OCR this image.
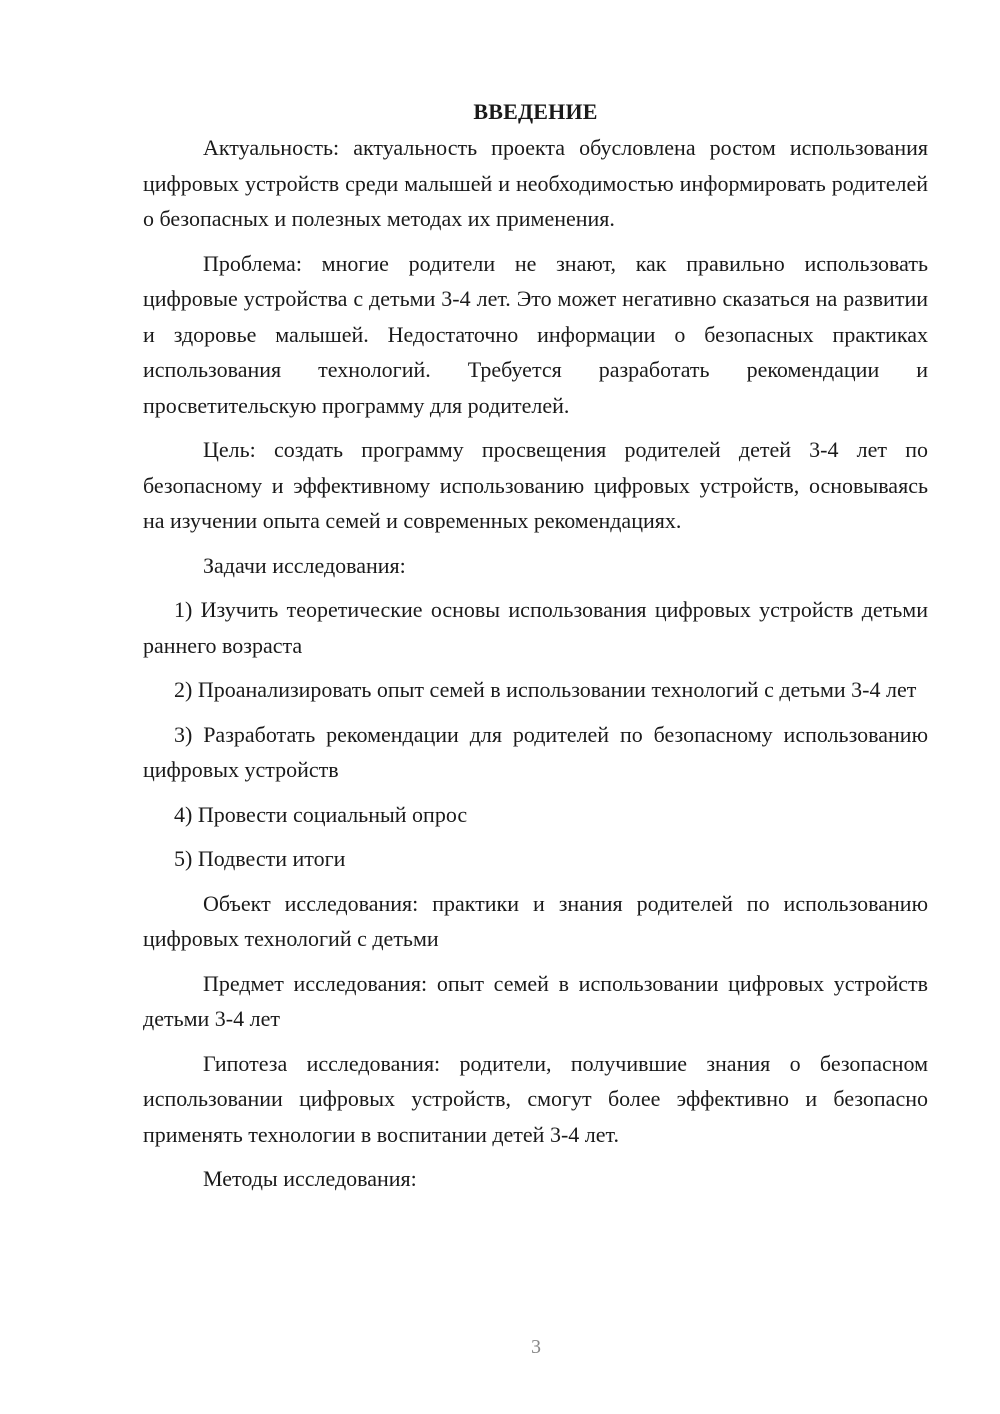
ВВЕДЕНИЕ

Актуальность: актуальность проекта обусловлена ростом использования цифровых устройств среди малышей и необходимостью информировать родителей о безопасных и полезных методах их применения.

Проблема: многие родители не знают, как правильно использовать цифровые устройства с детьми 3-4 лет. Это может негативно сказаться на развитии и здоровье малышей. Недостаточно информации о безопасных практиках использования технологий. Требуется разработать рекомендации и просветительскую программу для родителей.

Цель: создать программу просвещения родителей детей 3-4 лет по безопасному и эффективному использованию цифровых устройств, основываясь на изучении опыта семей и современных рекомендациях.

Задачи исследования:

1) Изучить теоретические основы использования цифровых устройств детьми раннего возраста

2) Проанализировать опыт семей в использовании технологий с детьми 3-4 лет

3) Разработать рекомендации для родителей по безопасному использованию цифровых устройств

4) Провести социальный опрос

5) Подвести итоги

Объект исследования: практики и знания родителей по использованию цифровых технологий с детьми

Предмет исследования: опыт семей в использовании цифровых устройств детьми 3-4 лет

Гипотеза исследования: родители, получившие знания о безопасном использовании цифровых устройств, смогут более эффективно и безопасно применять технологии в воспитании детей 3-4 лет.

Методы исследования:

3
